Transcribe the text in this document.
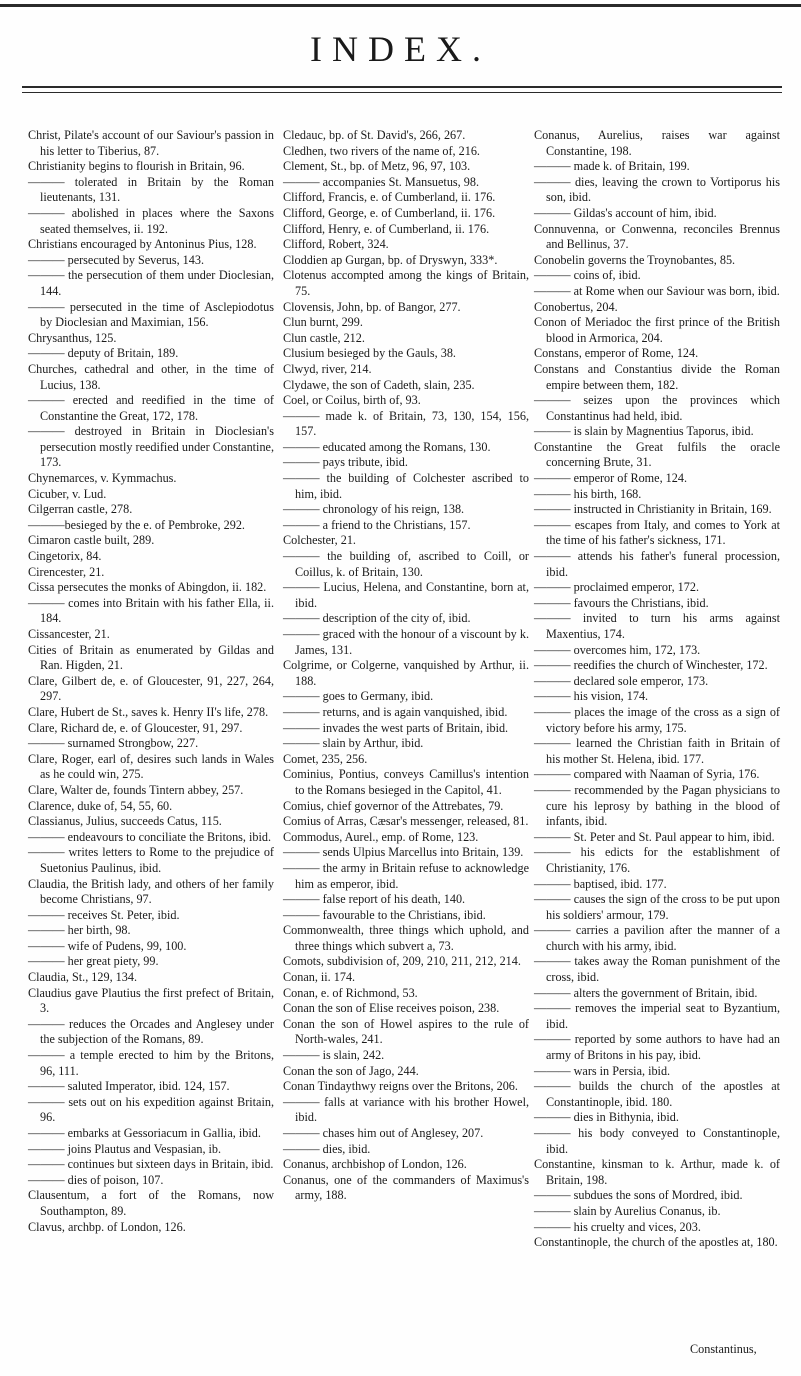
INDEX.

Christ, Pilate's account of our Saviour's passion in his letter to Tiberius, 87.

Christianity begins to flourish in Britain, 96.

——— tolerated in Britain by the Roman lieutenants, 131.

——— abolished in places where the Saxons seated themselves, ii. 192.

Christians encouraged by Antoninus Pius, 128.

——— persecuted by Severus, 143.

——— the persecution of them under Dioclesian, 144.

——— persecuted in the time of Asclepiodotus by Dioclesian and Maximian, 156.

Chrysanthus, 125.

——— deputy of Britain, 189.

Churches, cathedral and other, in the time of Lucius, 138.

——— erected and reedified in the time of Constantine the Great, 172, 178.

——— destroyed in Britain in Dioclesian's persecution mostly reedified under Constantine, 173.

Chynemarces, v. Kymmachus.

Cicuber, v. Lud.

Cilgerran castle, 278.

———besieged by the e. of Pembroke, 292.

Cimaron castle built, 289.

Cingetorix, 84.

Cirencester, 21.

Cissa persecutes the monks of Abingdon, ii. 182.

——— comes into Britain with his father Ella, ii. 184.

Cissancester, 21.

Cities of Britain as enumerated by Gildas and Ran. Higden, 21.

Clare, Gilbert de, e. of Gloucester, 91, 227, 264, 297.

Clare, Hubert de St., saves k. Henry II's life, 278.

Clare, Richard de, e. of Gloucester, 91, 297.

——— surnamed Strongbow, 227.

Clare, Roger, earl of, desires such lands in Wales as he could win, 275.

Clare, Walter de, founds Tintern abbey, 257.

Clarence, duke of, 54, 55, 60.

Classianus, Julius, succeeds Catus, 115.

——— endeavours to conciliate the Britons, ibid.

——— writes letters to Rome to the prejudice of Suetonius Paulinus, ibid.

Claudia, the British lady, and others of her family become Christians, 97.

——— receives St. Peter, ibid.

——— her birth, 98.

——— wife of Pudens, 99, 100.

——— her great piety, 99.

Claudia, St., 129, 134.

Claudius gave Plautius the first prefect of Britain, 3.

——— reduces the Orcades and Anglesey under the subjection of the Romans, 89.

——— a temple erected to him by the Britons, 96, 111.

——— saluted Imperator, ibid. 124, 157.

——— sets out on his expedition against Britain, 96.

——— embarks at Gessoriacum in Gallia, ibid.

——— joins Plautus and Vespasian, ib.

——— continues but sixteen days in Britain, ibid.

——— dies of poison, 107.

Clausentum, a fort of the Romans, now Southampton, 89.

Clavus, archbp. of London, 126.

Cledauc, bp. of St. David's, 266, 267.

Cledhen, two rivers of the name of, 216.

Clement, St., bp. of Metz, 96, 97, 103.

——— accompanies St. Mansuetus, 98.

Clifford, Francis, e. of Cumberland, ii. 176.

Clifford, George, e. of Cumberland, ii. 176.

Clifford, Henry, e. of Cumberland, ii. 176.

Clifford, Robert, 324.

Cloddien ap Gurgan, bp. of Dryswyn, 333*.

Clotenus accompted among the kings of Britain, 75.

Clovensis, John, bp. of Bangor, 277.

Clun burnt, 299.

Clun castle, 212.

Clusium besieged by the Gauls, 38.

Clwyd, river, 214.

Clydawe, the son of Cadeth, slain, 235.

Coel, or Coilus, birth of, 93.

——— made k. of Britain, 73, 130, 154, 156, 157.

——— educated among the Romans, 130.

——— pays tribute, ibid.

——— the building of Colchester ascribed to him, ibid.

——— chronology of his reign, 138.

——— a friend to the Christians, 157.

Colchester, 21.

——— the building of, ascribed to Coill, or Coillus, k. of Britain, 130.

——— Lucius, Helena, and Constantine, born at, ibid.

——— description of the city of, ibid.

——— graced with the honour of a viscount by k. James, 131.

Colgrime, or Colgerne, vanquished by Arthur, ii. 188.

——— goes to Germany, ibid.

——— returns, and is again vanquished, ibid.

——— invades the west parts of Britain, ibid.

——— slain by Arthur, ibid.

Comet, 235, 256.

Cominius, Pontius, conveys Camillus's intention to the Romans besieged in the Capitol, 41.

Comius, chief governor of the Attrebates, 79.

Comius of Arras, Cæsar's messenger, released, 81.

Commodus, Aurel., emp. of Rome, 123.

——— sends Ulpius Marcellus into Britain, 139.

——— the army in Britain refuse to acknowledge him as emperor, ibid.

——— false report of his death, 140.

——— favourable to the Christians, ibid.

Commonwealth, three things which uphold, and three things which subvert a, 73.

Comots, subdivision of, 209, 210, 211, 212, 214.

Conan, ii. 174.

Conan, e. of Richmond, 53.

Conan the son of Elise receives poison, 238.

Conan the son of Howel aspires to the rule of North-wales, 241.

——— is slain, 242.

Conan the son of Jago, 244.

Conan Tindaythwy reigns over the Britons, 206.

——— falls at variance with his brother Howel, ibid.

——— chases him out of Anglesey, 207.

——— dies, ibid.

Conanus, archbishop of London, 126.

Conanus, one of the commanders of Maximus's army, 188.

Conanus, Aurelius, raises war against Constantine, 198.

——— made k. of Britain, 199.

——— dies, leaving the crown to Vortiporus his son, ibid.

——— Gildas's account of him, ibid.

Connuvenna, or Conwenna, reconciles Brennus and Bellinus, 37.

Conobelin governs the Troynobantes, 85.

——— coins of, ibid.

——— at Rome when our Saviour was born, ibid.

Conobertus, 204.

Conon of Meriadoc the first prince of the British blood in Armorica, 204.

Constans, emperor of Rome, 124.

Constans and Constantius divide the Roman empire between them, 182.

——— seizes upon the provinces which Constantinus had held, ibid.

——— is slain by Magnentius Taporus, ibid.

Constantine the Great fulfils the oracle concerning Brute, 31.

——— emperor of Rome, 124.

——— his birth, 168.

——— instructed in Christianity in Britain, 169.

——— escapes from Italy, and comes to York at the time of his father's sickness, 171.

——— attends his father's funeral procession, ibid.

——— proclaimed emperor, 172.

——— favours the Christians, ibid.

——— invited to turn his arms against Maxentius, 174.

——— overcomes him, 172, 173.

——— reedifies the church of Winchester, 172.

——— declared sole emperor, 173.

——— his vision, 174.

——— places the image of the cross as a sign of victory before his army, 175.

——— learned the Christian faith in Britain of his mother St. Helena, ibid. 177.

——— compared with Naaman of Syria, 176.

——— recommended by the Pagan physicians to cure his leprosy by bathing in the blood of infants, ibid.

——— St. Peter and St. Paul appear to him, ibid.

——— his edicts for the establishment of Christianity, 176.

——— baptised, ibid. 177.

——— causes the sign of the cross to be put upon his soldiers' armour, 179.

——— carries a pavilion after the manner of a church with his army, ibid.

——— takes away the Roman punishment of the cross, ibid.

——— alters the government of Britain, ibid.

——— removes the imperial seat to Byzantium, ibid.

——— reported by some authors to have had an army of Britons in his pay, ibid.

——— wars in Persia, ibid.

——— builds the church of the apostles at Constantinople, ibid. 180.

——— dies in Bithynia, ibid.

——— his body conveyed to Constantinople, ibid.

Constantine, kinsman to k. Arthur, made k. of Britain, 198.

——— subdues the sons of Mordred, ibid.

——— slain by Aurelius Conanus, ib.

——— his cruelty and vices, 203.

Constantinople, the church of the apostles at, 180.

Constantinus,
